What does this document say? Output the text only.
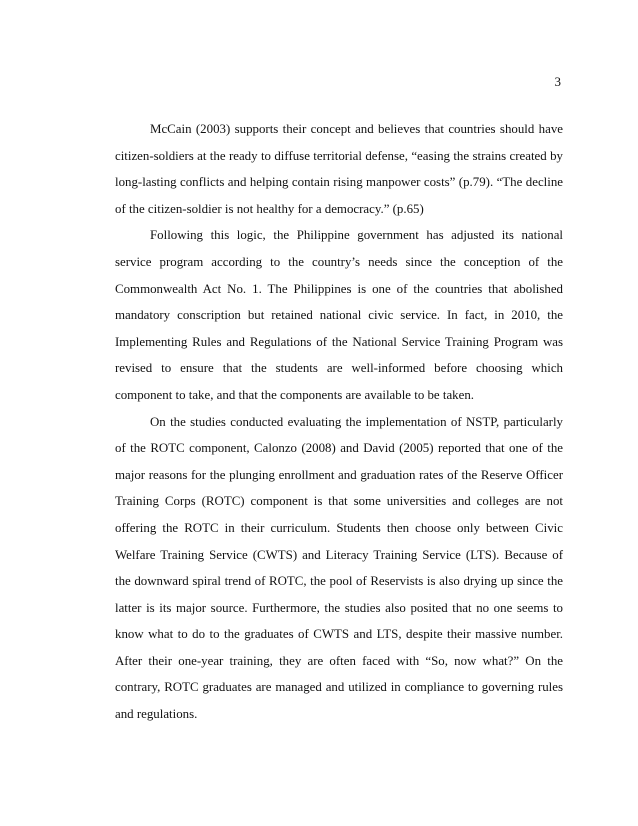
3

McCain (2003) supports their concept and believes that countries should have citizen-soldiers at the ready to diffuse territorial defense, “easing the strains created by long-lasting conflicts and helping contain rising manpower costs” (p.79). “The decline of the citizen-soldier is not healthy for a democracy.” (p.65)

Following this logic, the Philippine government has adjusted its national service program according to the country’s needs since the conception of the Commonwealth Act No. 1. The Philippines is one of the countries that abolished mandatory conscription but retained national civic service. In fact, in 2010, the Implementing Rules and Regulations of the National Service Training Program was revised to ensure that the students are well-informed before choosing which component to take, and that the components are available to be taken.

On the studies conducted evaluating the implementation of NSTP, particularly of the ROTC component, Calonzo (2008) and David (2005) reported that one of the major reasons for the plunging enrollment and graduation rates of the Reserve Officer Training Corps (ROTC) component is that some universities and colleges are not offering the ROTC in their curriculum. Students then choose only between Civic Welfare Training Service (CWTS) and Literacy Training Service (LTS). Because of the downward spiral trend of ROTC, the pool of Reservists is also drying up since the latter is its major source. Furthermore, the studies also posited that no one seems to know what to do to the graduates of CWTS and LTS, despite their massive number. After their one-year training, they are often faced with “So, now what?” On the contrary, ROTC graduates are managed and utilized in compliance to governing rules and regulations.
